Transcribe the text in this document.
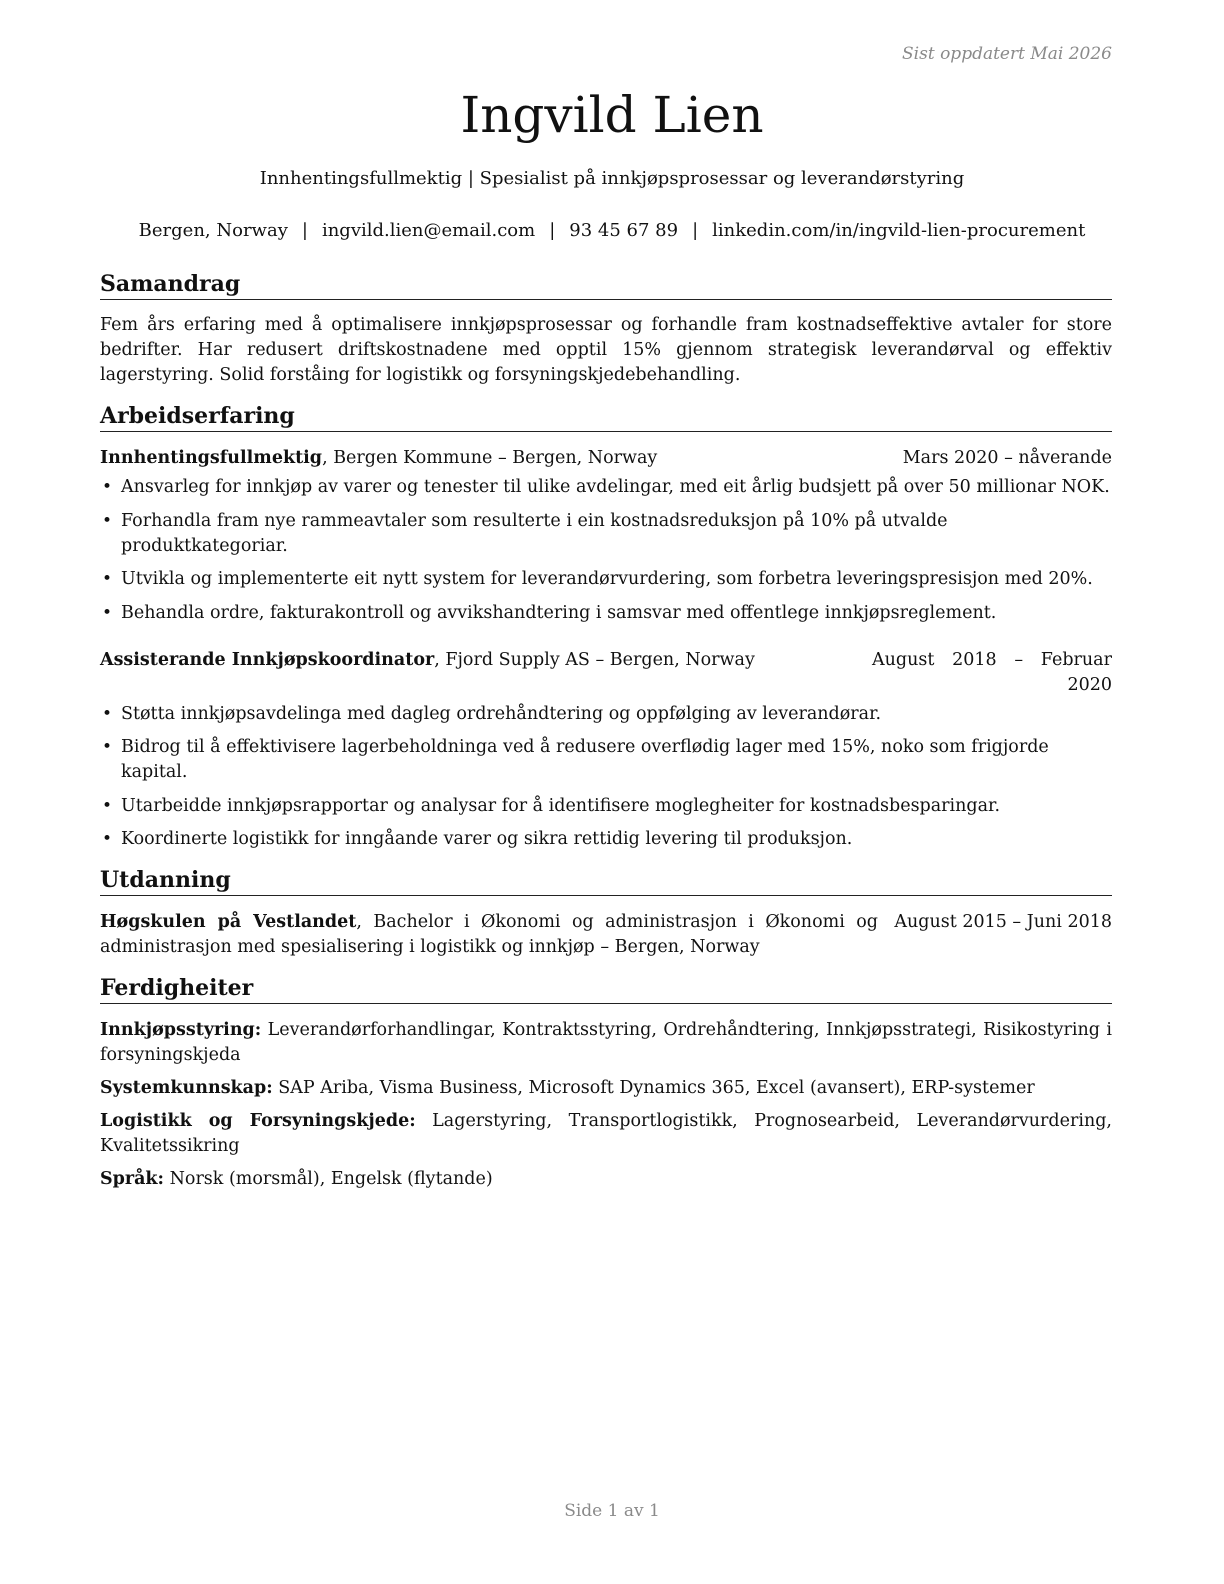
Sist oppdatert Mai 2026
Ingvild Lien
Innhentingsfullmektig | Spesialist på innkjøpsprosessar og leverandørstyring
Bergen, Norway | ingvild.lien@email.com | 93 45 67 89 | linkedin.com/in/ingvild-lien-procurement
Samandrag

Fem års erfaring med å optimalisere innkjøpsprosessar og forhandle fram kostnadseffektive avtaler for store bedrifter. Har redusert driftskostnadene med opptil 15% gjennom strategisk leverandørval og effektiv lagerstyring. Solid forståing for logistikk og forsyningskjedebehandling.

Arbeidserfaring
Innhentingsfullmektig, Bergen Kommune – Bergen, Norway	Mars 2020 – nåverande
• Ansvarleg for innkjøp av varer og tenester til ulike avdelingar, med eit årlig budsjett på over 50 millionar NOK.
• Forhandla fram nye rammeavtaler som resulterte i ein kostnadsreduksjon på 10% på utvalde produktkategoriar.
• Utvikla og implementerte eit nytt system for leverandørvurdering, som forbetra leveringspresisjon med 20%.
• Behandla ordre, fakturakontroll og avvikshandtering i samsvar med offentlege innkjøpsreglement.
Assisterande Innkjøpskoordinator, Fjord Supply AS – Bergen, Norway	August 2018 – Februar 2020
• Støtta innkjøpsavdelinga med dagleg ordrehåndtering og oppfølging av leverandørar.
• Bidrog til å effektivisere lagerbeholdninga ved å redusere overflødig lager med 15%, noko som frigjorde kapital.
• Utarbeidde innkjøpsrapportar og analysar for å identifisere moglegheiter for kostnadsbesparingar.
• Koordinerte logistikk for inngåande varer og sikra rettidig levering til produksjon.
Utdanning
Høgskulen på Vestlandet, Bachelor i Økonomi og administrasjon i Økonomi og administrasjon med spesialisering i logistikk og innkjøp – Bergen, Norway
August 2015 – Juni 2018
Ferdigheiter

Innkjøpsstyring: Leverandørforhandlingar, Kontraktsstyring, Ordrehåndtering, Innkjøpsstrategi, Risikostyring i forsyningskjeda

Systemkunnskap: SAP Ariba, Visma Business, Microsoft Dynamics 365, Excel (avansert), ERP-systemer

Logistikk og Forsyningskjede: Lagerstyring, Transportlogistikk, Prognosearbeid, Leverandørvurdering, Kvalitetssikring

Språk: Norsk (morsmål), Engelsk (flytande)

Side 1 av 1
